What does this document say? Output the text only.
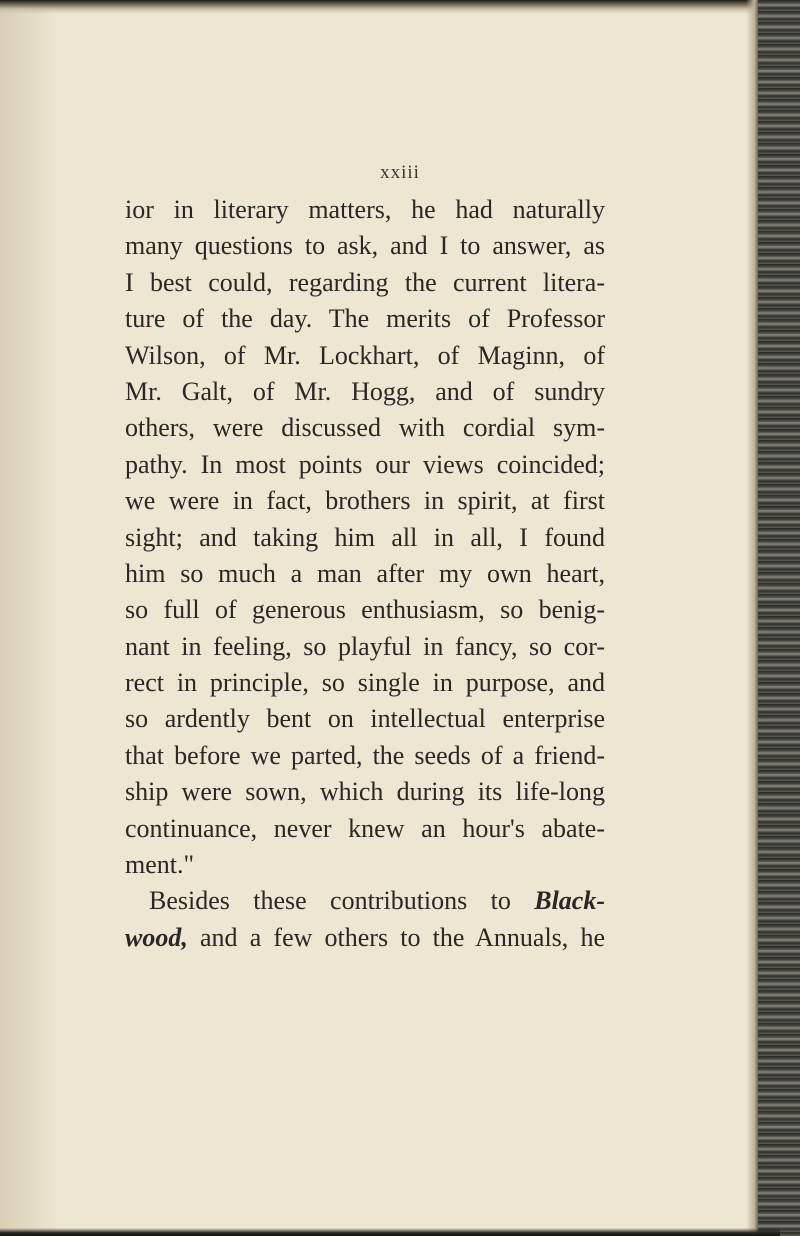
xxiii
ior in literary matters, he had naturally
many questions to ask, and I to answer, as
I best could, regarding the current litera-
ture of the day. The merits of Professor
Wilson, of Mr. Lockhart, of Maginn, of
Mr. Galt, of Mr. Hogg, and of sundry
others, were discussed with cordial sym-
pathy. In most points our views coincided;
we were in fact, brothers in spirit, at first
sight; and taking him all in all, I found
him so much a man after my own heart,
so full of generous enthusiasm, so benig-
nant in feeling, so playful in fancy, so cor-
rect in principle, so single in purpose, and
so ardently bent on intellectual enterprise
that before we parted, the seeds of a friend-
ship were sown, which during its life-long
continuance, never knew an hour's abate-
ment."
Besides these contributions to Black-
wood, and a few others to the Annuals, he
